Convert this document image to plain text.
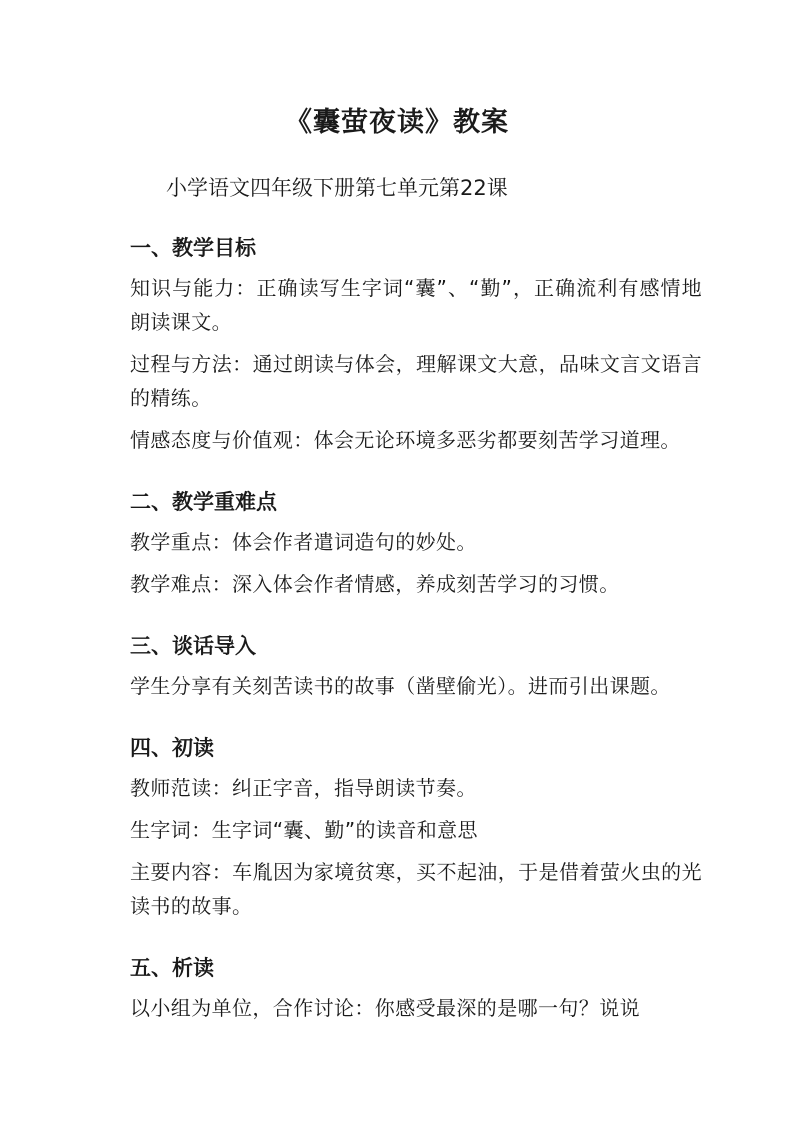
《囊萤夜读》教案

小学语文四年级下册第七单元第22课

一、教学目标

知识与能力：正确读写生字词“囊”、“勤”，正确流利有感情地朗读课文。

过程与方法：通过朗读与体会，理解课文大意，品味文言文语言的精练。

情感态度与价值观：体会无论环境多恶劣都要刻苦学习道理。

二、教学重难点

教学重点：体会作者遣词造句的妙处。

教学难点：深入体会作者情感，养成刻苦学习的习惯。

三、谈话导入

学生分享有关刻苦读书的故事（凿壁偷光）。进而引出课题。

四、初读

教师范读：纠正字音，指导朗读节奏。

生字词：生字词“囊、勤”的读音和意思

主要内容：车胤因为家境贫寒，买不起油，于是借着萤火虫的光读书的故事。

五、析读

以小组为单位，合作讨论：你感受最深的是哪一句？说说
